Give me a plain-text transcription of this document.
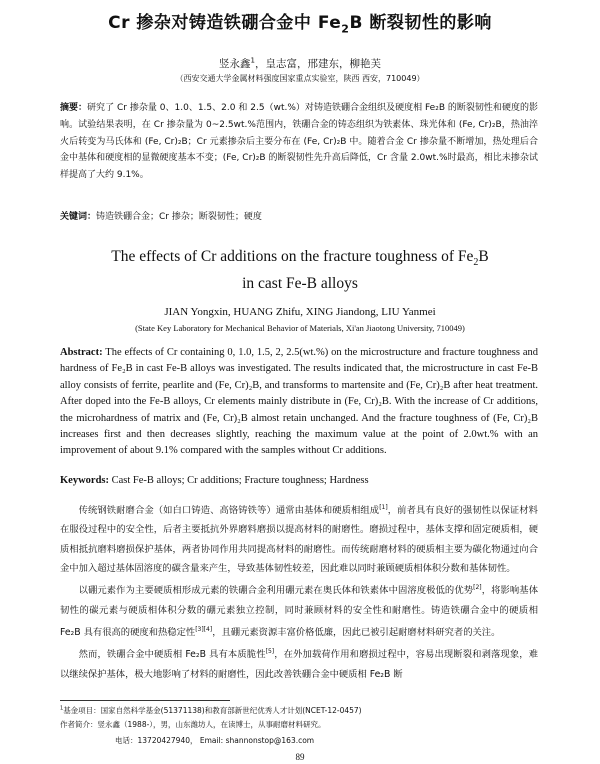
Cr 掺杂对铸造铁硼合金中 $Fe_2B$ 断裂韧性的影响
竖永鑫$^1$，皇志富，邢建东，柳艳芙
（西安交通大学金属材料强度国家重点实验室，陕西 西安，710049）
摘要：研究了 Cr 掺杂量 0、1.0、1.5、2.0 和 2.5（wt.%）对铸造铁硼合金组织及硬度相 Fe₂B 的断裂韧性和硬度的影响。试验结果表明，在 Cr 掺杂量为 0~2.5wt.%范围内，铁硼合金的铸态组织为铁素体、珠光体和 (Fe, Cr)₂B，热油淬火后转变为马氏体和 (Fe, Cr)₂B；Cr 元素掺杂后主要分布在 (Fe, Cr)₂B 中。随着合金 Cr 掺杂量不断增加，热处理后合金中基体和硬度相的显微硬度基本不变；(Fe, Cr)₂B 的断裂韧性先升高后降低，Cr 含量 2.0wt.%时最高，相比未掺杂试样提高了大约 9.1%。
关键词：铸造铁硼合金；Cr 掺杂；断裂韧性；硬度
The effects of Cr additions on the fracture toughness of $Fe_2B$
in cast Fe-B alloys
JIAN Yongxin, HUANG Zhifu, XING Jiandong, LIU Yanmei
(State Key Laboratory for Mechanical Behavior of Materials, Xi'an Jiaotong University, 710049)
Abstract: The effects of Cr containing 0, 1.0, 1.5, 2, 2.5(wt.%) on the microstructure and fracture toughness and hardness of Fe₂B in cast Fe-B alloys was investigated. The results indicated that, the microstructure in cast Fe-B alloy consists of ferrite, pearlite and (Fe, Cr)₂B, and transforms to martensite and (Fe, Cr)₂B after heat treatment. After doped into the Fe-B alloys, Cr elements mainly distribute in (Fe, Cr)₂B. With the increase of Cr additions, the microhardness of matrix and (Fe, Cr)₂B almost retain unchanged. And the fracture toughness of (Fe, Cr)₂B increases first and then decreases slightly, reaching the maximum value at the point of 2.0wt.% with an improvement of about 9.1% compared with the samples without Cr additions.
Keywords: Cast Fe-B alloys; Cr additions; Fracture toughness; Hardness

传统钢铁耐磨合金（如白口铸造、高铬铸铁等）通常由基体和硬质相组成[1]，前者具有良好的强韧性以保证材料在服役过程中的安全性，后者主要抵抗外界磨料磨损以提高材料的耐磨性。磨损过程中，基体支撑和固定硬质相，硬质相抵抗磨料磨损保护基体，两者协同作用共同提高材料的耐磨性。而传统耐磨材料的硬质相主要为碳化物通过向合金中加入超过基体固溶度的碳含量来产生，导致基体韧性较差，因此难以同时兼顾硬质相体积分数和基体韧性。

以硼元素作为主要硬质相形成元素的铁硼合金利用硼元素在奥氏体和铁素体中固溶度极低的优势[2]，将影响基体韧性的碳元素与硬质相体积分数的硼元素独立控制，同时兼顾材料的安全性和耐磨性。铸造铁硼合金中的硬质相 Fe₂B 具有很高的硬度和热稳定性[3][4]，且硼元素资源丰富价格低廉，因此已被引起耐磨材料研究者的关注。

然而，铁硼合金中硬质相 Fe₂B 具有本质脆性[5]，在外加载荷作用和磨损过程中，容易出现断裂和剥落现象，难以继续保护基体，极大地影响了材料的耐磨性，因此改善铁硼合金中硬质相 Fe₂B 断

$^1$基金项目：国家自然科学基金(51371138)和教育部新世纪优秀人才计划(NCET-12-0457)
作者简介：竖永鑫（1988-），男，山东潍坊人，在读博士，从事耐磨材料研究。
电话：13720427940， Email: shannonstop@163.com
89
